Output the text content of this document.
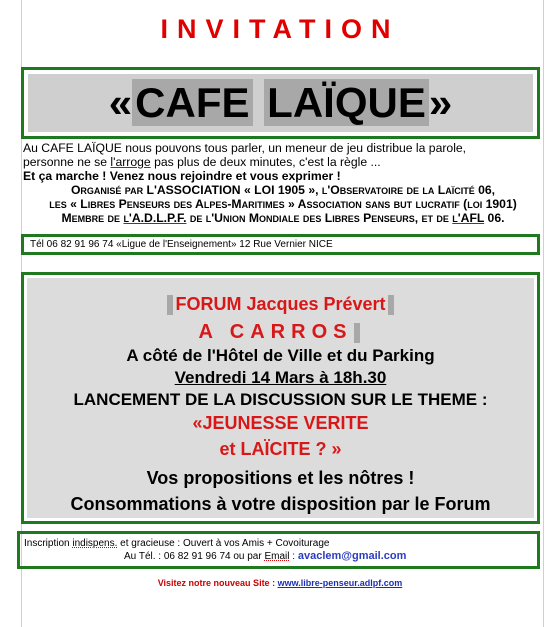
INVITATION
«CAFE LAÏQUE»
Au CAFE LAÏQUE nous pouvons tous parler, un meneur de jeu distribue la parole,
personne ne se l'arroge pas plus de deux minutes, c'est la règle ...
Et ça marche ! Venez nous rejoindre et vous exprimer !
Organisé par L'ASSOCIATION « LOI 1905 », l'Observatoire de la Laïcité 06,
les « Libres Penseurs des Alpes-Maritimes » Association sans but lucratif (loi 1901)
Membre de l'A.D.L.P.F. de l'Union Mondiale des Libres Penseurs, et de l'AFL 06.
Tél 06 82 91 96 74 «Ligue de l'Enseignement» 12 Rue Vernier NICE
FORUM Jacques Prévert
A CARROS
A côté de l'Hôtel de Ville et du Parking
Vendredi 14 Mars à 18h.30
LANCEMENT DE LA DISCUSSION SUR LE THEME :
«JEUNESSE VERITE
et LAÏCITE ? »
Vos propositions et les nôtres !
Consommations à votre disposition par le Forum
Inscription indispens. et gracieuse : Ouvert à vos Amis + Covoiturage
Au Tél. : 06 82 91 96 74 ou par Email : avaclem@gmail.com
Visitez notre nouveau Site : www.libre-penseur.adlpf.com
